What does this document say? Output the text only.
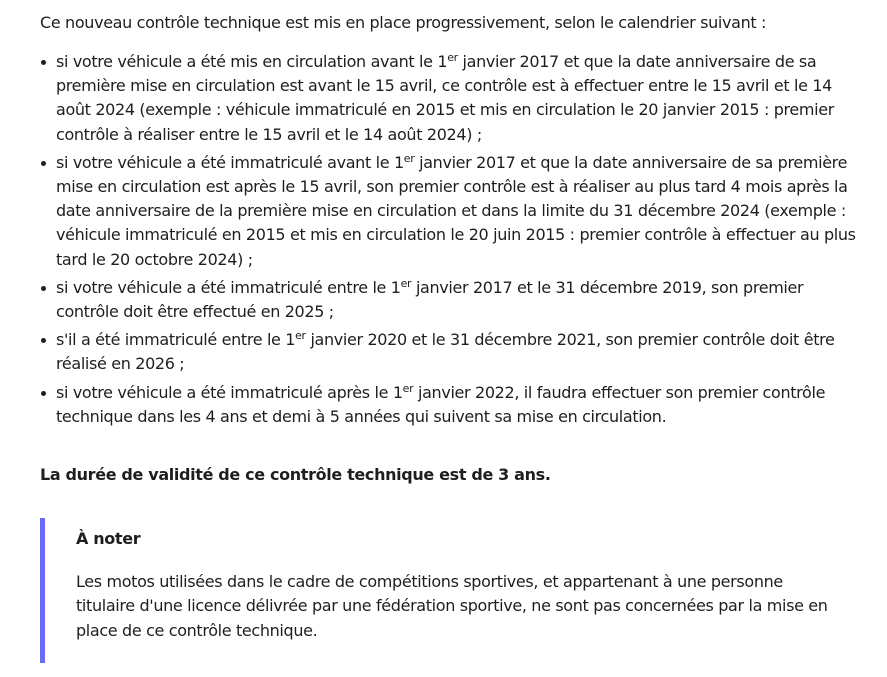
Ce nouveau contrôle technique est mis en place progressivement, selon le calendrier suivant :

si votre véhicule a été mis en circulation avant le 1er janvier 2017 et que la date anniversaire de sa première mise en circulation est avant le 15 avril, ce contrôle est à effectuer entre le 15 avril et le 14 août 2024 (exemple : véhicule immatriculé en 2015 et mis en circulation le 20 janvier 2015 : premier contrôle à réaliser entre le 15 avril et le 14 août 2024) ;
si votre véhicule a été immatriculé avant le 1er janvier 2017 et que la date anniversaire de sa première mise en circulation est après le 15 avril, son premier contrôle est à réaliser au plus tard 4 mois après la date anniversaire de la première mise en circulation et dans la limite du 31 décembre 2024 (exemple : véhicule immatriculé en 2015 et mis en circulation le 20 juin 2015 : premier contrôle à effectuer au plus tard le 20 octobre 2024) ;
si votre véhicule a été immatriculé entre le 1er janvier 2017 et le 31 décembre 2019, son premier contrôle doit être effectué en 2025 ;
s'il a été immatriculé entre le 1er janvier 2020 et le 31 décembre 2021, son premier contrôle doit être réalisé en 2026 ;
si votre véhicule a été immatriculé après le 1er janvier 2022, il faudra effectuer son premier contrôle technique dans les 4 ans et demi à 5 années qui suivent sa mise en circulation.

La durée de validité de ce contrôle technique est de 3 ans.

À noter

Les motos utilisées dans le cadre de compétitions sportives, et appartenant à une personne titulaire d'une licence délivrée par une fédération sportive, ne sont pas concernées par la mise en place de ce contrôle technique.
